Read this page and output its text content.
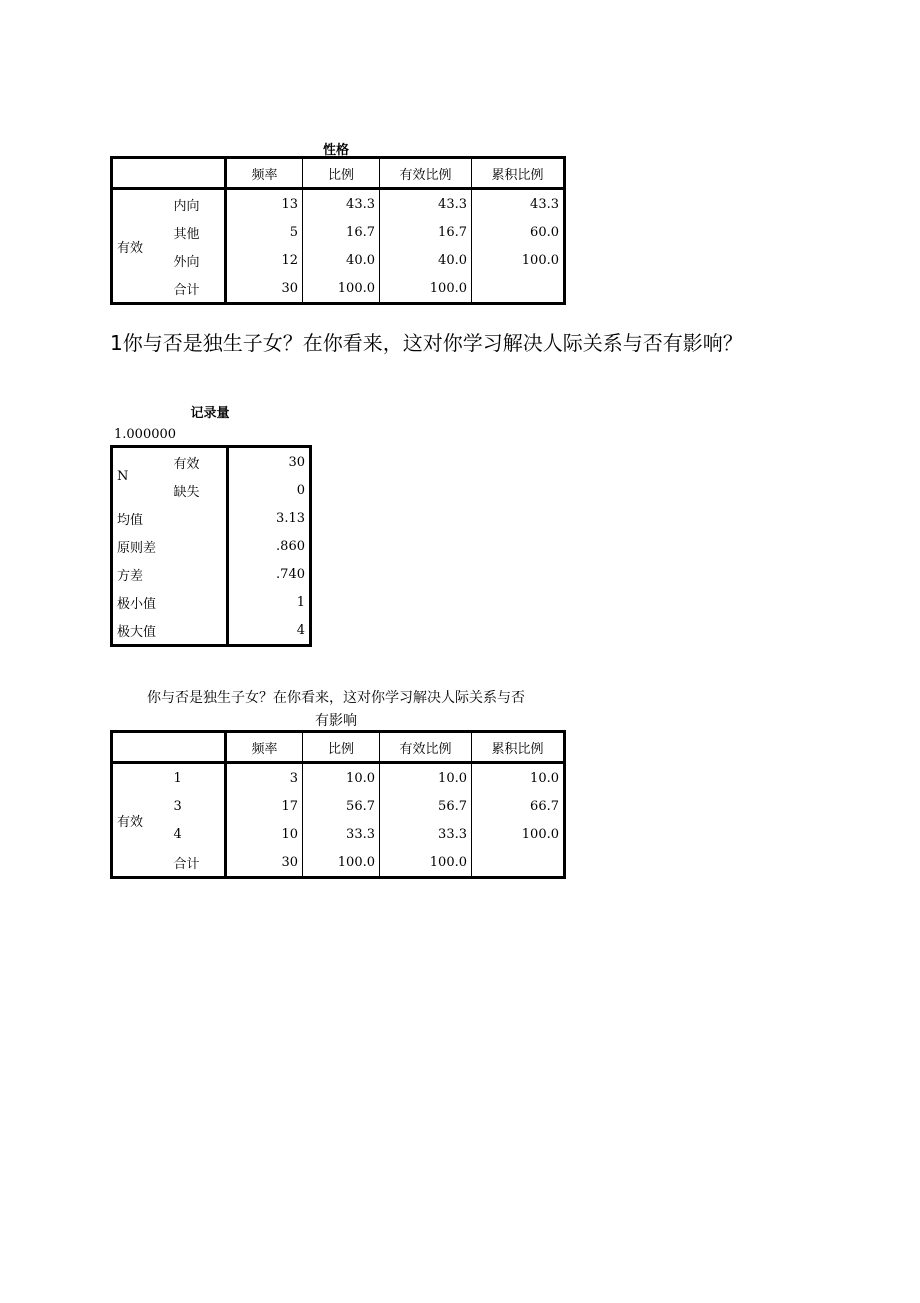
性格
		频率	比例	有效比例	累积比例
有效	内向	13	43.3	43.3	43.3
	其他	5	16.7	16.7	60.0
	外向	12	40.0	40.0	100.0
	合计	30	100.0	100.0	
1你与否是独生子女？在你看来，这对你学习解决人际关系与否有影响？
记录量
1.000000
N	有效	30
	缺失	0
均值		3.13
原则差		.860
方差		.740
极小值		1
极大值		4
你与否是独生子女？在你看来，这对你学习解决人际关系与否
有影响
		频率	比例	有效比例	累积比例
有效	1	3	10.0	10.0	10.0
	3	17	56.7	56.7	66.7
	4	10	33.3	33.3	100.0
	合计	30	100.0	100.0	
